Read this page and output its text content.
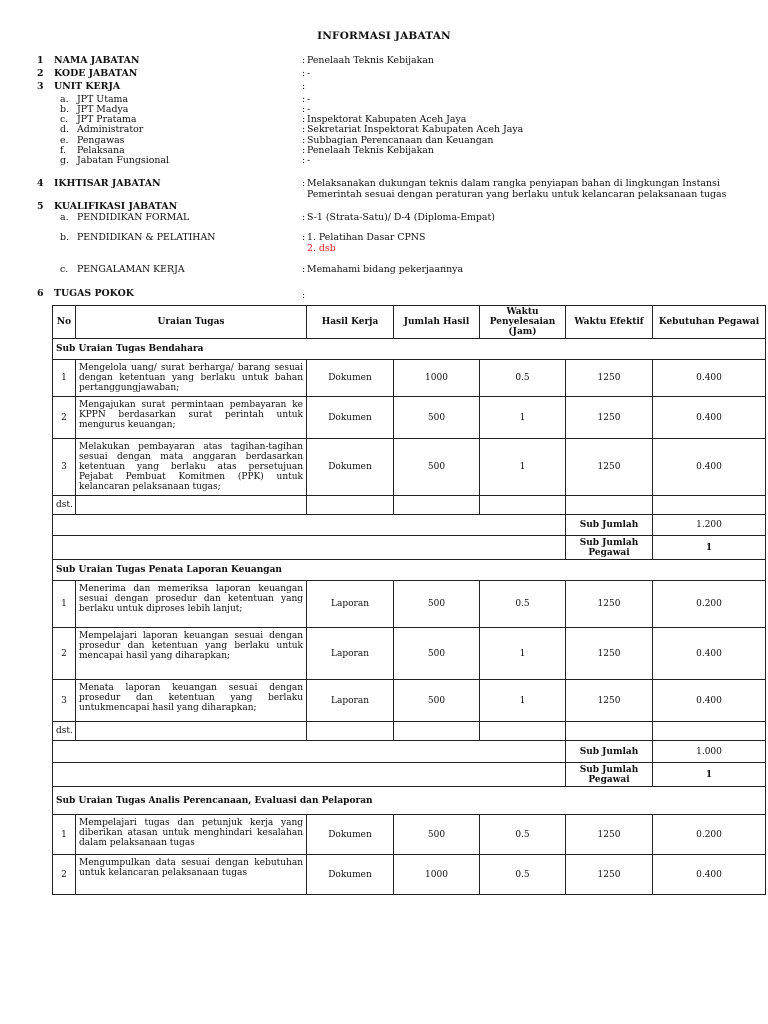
INFORMASI JABATAN
1 NAMA JABATAN	: Penelaah Teknis Kebijakan
2 KODE JABATAN	: -
3 UNIT KERJA	:
a. JPT Utama	: -
b. JPT Madya	: -
c. JPT Pratama	: Inspektorat Kabupaten Aceh Jaya
d. Administrator	: Sekretariat Inspektorat Kabupaten Aceh Jaya
e. Pengawas	: Subbagian Perencanaan dan Keuangan
f. Pelaksana	: Penelaah Teknis Kebijakan
g. Jabatan Fungsional	: -
4 IKHTISAR JABATAN	: Melaksanakan dukungan teknis dalam rangka penyiapan bahan di lingkungan Instansi
Pemerintah sesuai dengan peraturan yang berlaku untuk kelancaran pelaksanaan tugas
5 KUALIFIKASI JABATAN
a. PENDIDIKAN FORMAL	: S-1 (Strata-Satu)/ D-4 (Diploma-Empat)
b. PENDIDIKAN & PELATIHAN	: 1. Pelatihan Dasar CPNS
2. dsb
c. PENGALAMAN KERJA	: Memahami bidang pekerjaannya
6 TUGAS POKOK	:
No	Uraian Tugas	Hasil Kerja	Jumlah Hasil	Waktu Penyelesaian (Jam)	Waktu Efektif	Kebutuhan Pegawai
Sub Uraian Tugas Bendahara						
1	Mengelola uang/ surat berharga/ barang sesuai dengan ketentuan yang berlaku untuk bahan pertanggungjawaban;	Dokumen	1000	0.5	1250	0.400
2	Mengajukan surat permintaan pembayaran ke KPPN berdasarkan surat perintah untuk mengurus keuangan;	Dokumen	500	1	1250	0.400
3	Melakukan pembayaran atas tagihan-tagihan sesuai dengan mata anggaran berdasarkan ketentuan yang berlaku atas persetujuan Pejabat Pembuat Komitmen (PPK) untuk kelancaran pelaksanaan tugas;	Dokumen	500	1	1250	0.400
dst.						
					Sub Jumlah	1.200
					Sub Jumlah Pegawai	1
Sub Uraian Tugas Penata Laporan Keuangan						
1	Menerima dan memeriksa laporan keuangan sesuai dengan prosedur dan ketentuan yang berlaku untuk diproses lebih lanjut;	Laporan	500	0.5	1250	0.200
2	Mempelajari laporan keuangan sesuai dengan prosedur dan ketentuan yang berlaku untuk mencapai hasil yang diharapkan;	Laporan	500	1	1250	0.400
3	Menata laporan keuangan sesuai dengan prosedur dan ketentuan yang berlaku untukmencapai hasil yang diharapkan;	Laporan	500	1	1250	0.400
dst.						
					Sub Jumlah	1.000
					Sub Jumlah Pegawai	1
Sub Uraian Tugas Analis Perencanaan, Evaluasi dan Pelaporan						
1	Mempelajari tugas dan petunjuk kerja yang diberikan atasan untuk menghindari kesalahan dalam pelaksanaan tugas	Dokumen	500	0.5	1250	0.200
2	Mengumpulkan data sesuai dengan kebutuhan untuk kelancaran pelaksanaan tugas	Dokumen	1000	0.5	1250	0.400
